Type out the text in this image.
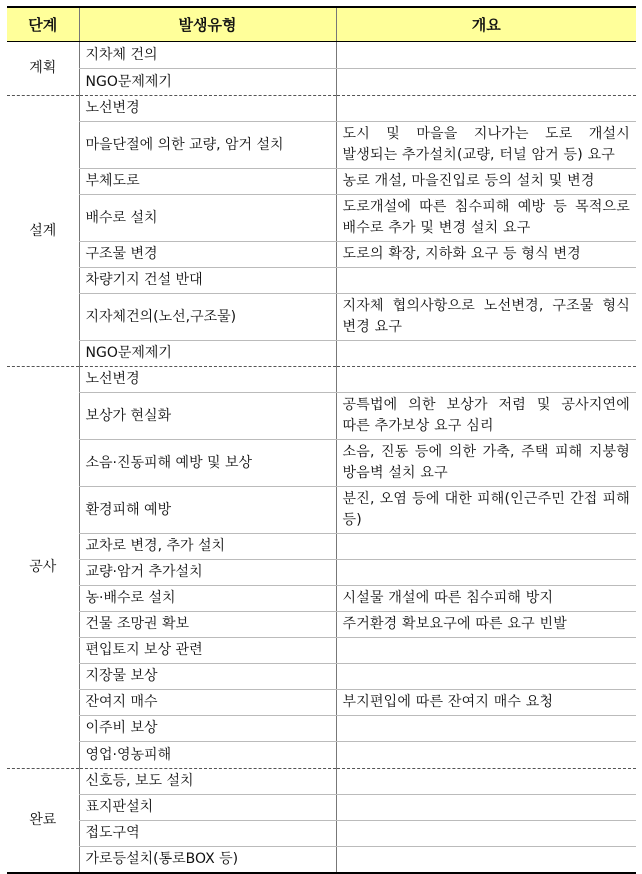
단계	발생유형	개요
계획	지차체 건의	
	NGO문제제기	
설계	노선변경	
	마을단절에 의한 교량, 암거 설치	도시 및 마을을 지나가는 도로 개설시 발생되는 추가설치(교량, 터널 암거 등) 요구
	부체도로	농로 개설, 마을진입로 등의 설치 및 변경
	배수로 설치	도로개설에 따른 침수피해 예방 등 목적으로 배수로 추가 및 변경 설치 요구
	구조물 변경	도로의 확장, 지하화 요구 등 형식 변경
	차량기지 건설 반대	
	지자체건의(노선,구조물)	지자체 협의사항으로 노선변경, 구조물 형식 변경 요구
	NGO문제제기	
공사	노선변경	
	보상가 현실화	공특법에 의한 보상가 저렴 및 공사지연에 따른 추가보상 요구 심리
	소음·진동피해 예방 및 보상	소음, 진동 등에 의한 가축, 주택 피해 지붕형 방음벽 설치 요구
	환경피해 예방	분진, 오염 등에 대한 피해(인근주민 간접 피해 등)
	교차로 변경, 추가 설치	
	교량·암거 추가설치	
	농·배수로 설치	시설물 개설에 따른 침수피해 방지
	건물 조망권 확보	주거환경 확보요구에 따른 요구 빈발
	편입토지 보상 관련	
	지장물 보상	
	잔여지 매수	부지편입에 따른 잔여지 매수 요청
	이주비 보상	
	영업·영농피해	
완료	신호등, 보도 설치	
	표지판설치	
	접도구역	
	가로등설치(통로BOX 등)	
